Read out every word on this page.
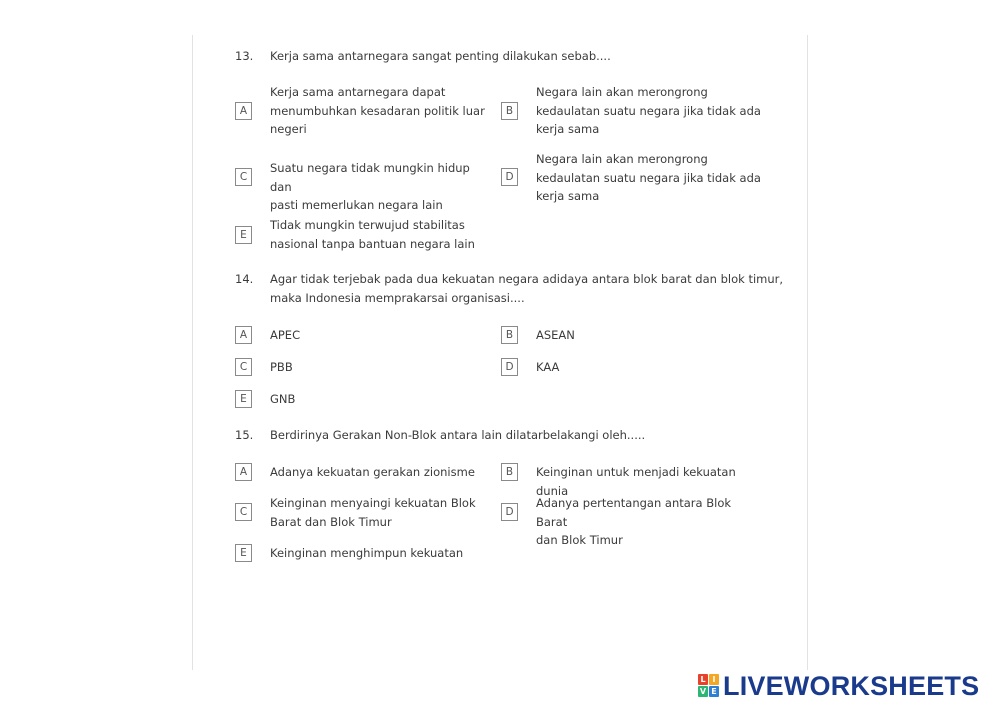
13.	Kerja sama antarnegara sangat penting dilakukan sebab....
A
Kerja sama antarnegara dapat
menumbuhkan kesadaran politik luar
negeri
B
Negara lain akan merongrong
kedaulatan suatu negara jika tidak ada
kerja sama
C
Suatu negara tidak mungkin hidup dan
pasti memerlukan negara lain
D
Negara lain akan merongrong
kedaulatan suatu negara jika tidak ada
kerja sama
E
Tidak mungkin terwujud stabilitas
nasional tanpa bantuan negara lain
14.	Agar tidak terjebak pada dua kekuatan negara adidaya antara blok barat dan blok timur,
maka Indonesia memprakarsai organisasi....
A	APEC	B	ASEAN
C	PBB	D	KAA
E	GNB
15.	Berdirinya Gerakan Non-Blok antara lain dilatarbelakangi oleh.....
A	Adanya kekuatan gerakan zionisme	B	Keinginan untuk menjadi kekuatan dunia
C
Keinginan menyaingi kekuatan Blok
Barat dan Blok Timur
D
Adanya pertentangan antara Blok Barat
dan Blok Timur
E	Keinginan menghimpun kekuatan
L I
V E LIVEWORKSHEETS
